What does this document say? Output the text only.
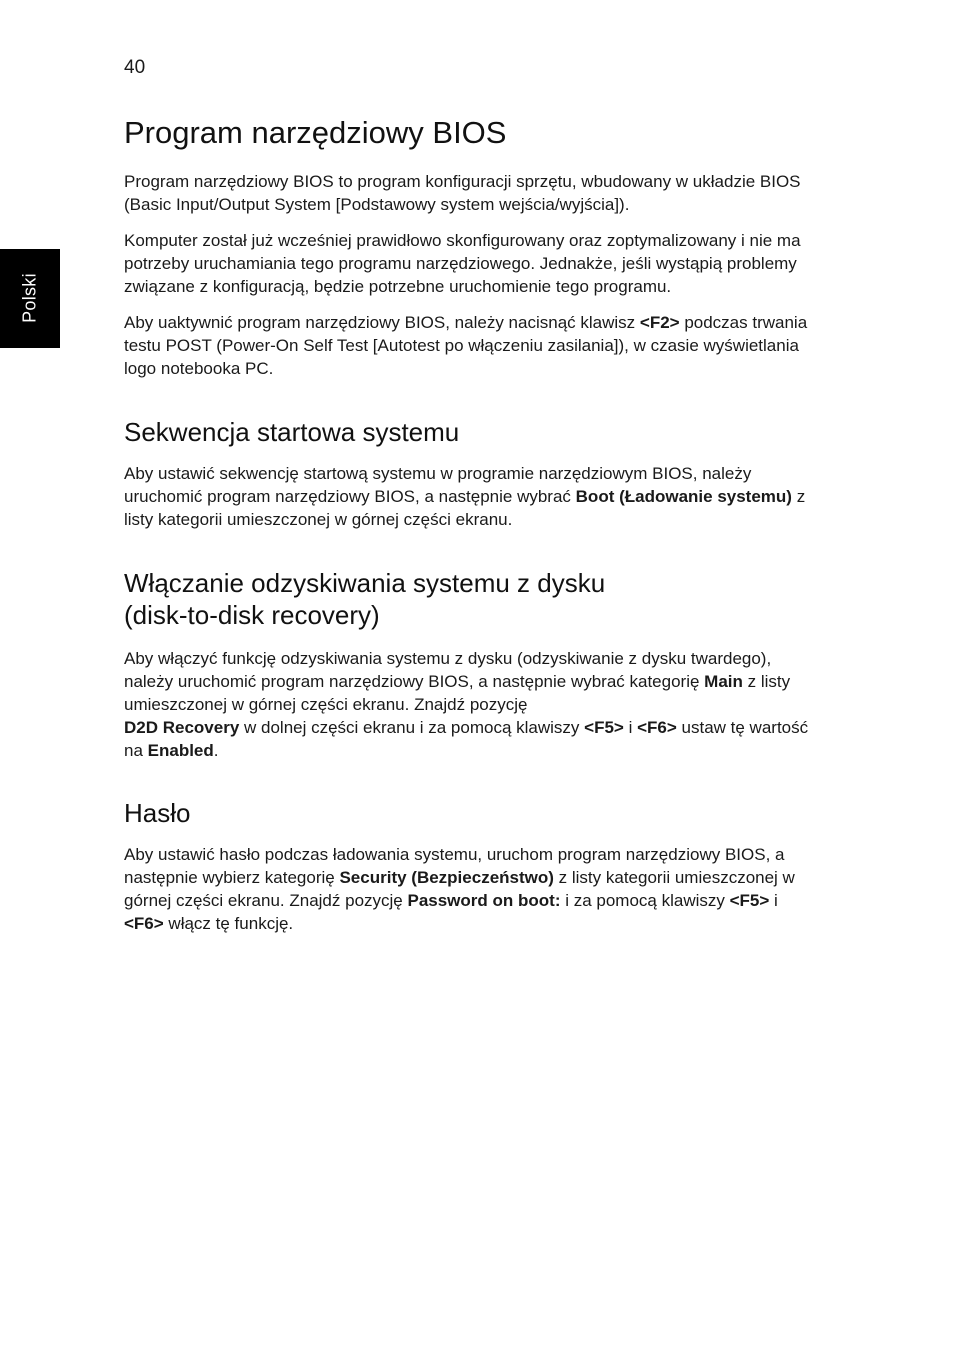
40
Polski
Program narzędziowy BIOS

Program narzędziowy BIOS to program konfiguracji sprzętu, wbudowany w układzie BIOS (Basic Input/Output System [Podstawowy system wejścia/wyjścia]).

Komputer został już wcześniej prawidłowo skonfigurowany oraz zoptymalizowany i nie ma potrzeby uruchamiania tego programu narzędziowego. Jednakże, jeśli wystąpią problemy związane z konfiguracją, będzie potrzebne uruchomienie tego programu.

Aby uaktywnić program narzędziowy BIOS, należy nacisnąć klawisz <F2> podczas trwania testu POST (Power-On Self Test [Autotest po włączeniu zasilania]), w czasie wyświetlania logo notebooka PC.

Sekwencja startowa systemu

Aby ustawić sekwencję startową systemu w programie narzędziowym BIOS, należy uruchomić program narzędziowy BIOS, a następnie wybrać Boot (Ładowanie systemu) z listy kategorii umieszczonej w górnej części ekranu.

Włączanie odzyskiwania systemu z dysku
(disk-to-disk recovery)

Aby włączyć funkcję odzyskiwania systemu z dysku (odzyskiwanie z dysku twardego), należy uruchomić program narzędziowy BIOS, a następnie wybrać kategorię Main z listy umieszczonej w górnej części ekranu. Znajdź pozycję
D2D Recovery w dolnej części ekranu i za pomocą klawiszy <F5> i <F6> ustaw tę wartość na Enabled.

Hasło

Aby ustawić hasło podczas ładowania systemu, uruchom program narzędziowy BIOS, a następnie wybierz kategorię Security (Bezpieczeństwo) z listy kategorii umieszczonej w górnej części ekranu. Znajdź pozycję Password on boot: i za pomocą klawiszy <F5> i <F6> włącz tę funkcję.
